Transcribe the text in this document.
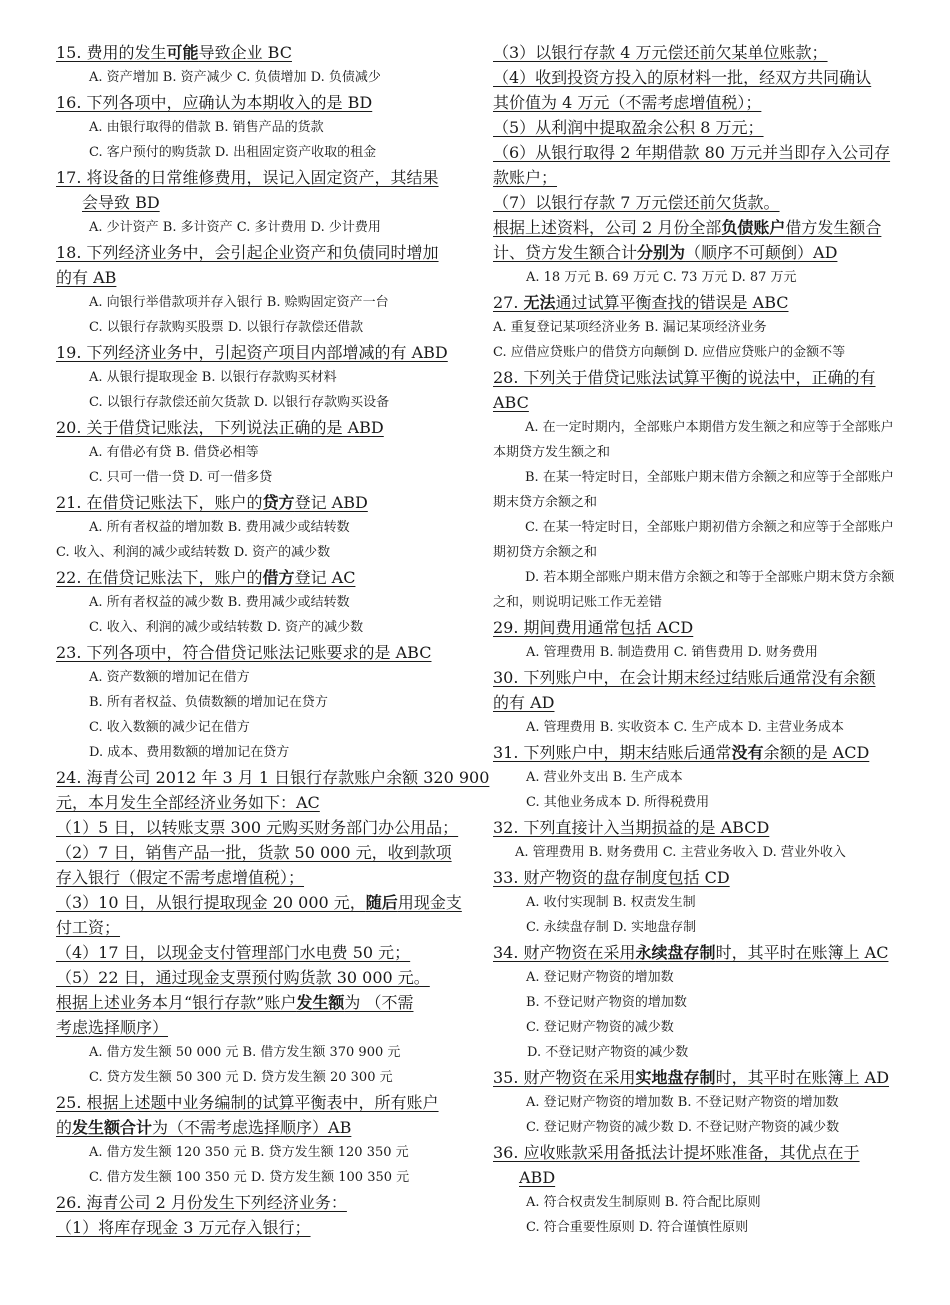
15. 费用的发生可能导致企业 BC
A. 资产增加 B. 资产减少 C. 负债增加 D. 负债减少
16. 下列各项中，应确认为本期收入的是 BD
A. 由银行取得的借款 B. 销售产品的货款
C. 客户预付的购货款 D. 出租固定资产收取的租金
17. 将设备的日常维修费用，误记入固定资产，其结果
会导致 BD
A. 少计资产 B. 多计资产 C. 多计费用 D. 少计费用
18. 下列经济业务中，会引起企业资产和负债同时增加
的有 AB
A. 向银行举借款项并存入银行 B. 赊购固定资产一台
C. 以银行存款购买股票 D. 以银行存款偿还借款
19. 下列经济业务中，引起资产项目内部增减的有 ABD
A. 从银行提取现金 B. 以银行存款购买材料
C. 以银行存款偿还前欠货款 D. 以银行存款购买设备
20. 关于借贷记账法，下列说法正确的是 ABD
A. 有借必有贷 B. 借贷必相等
C. 只可一借一贷 D. 可一借多贷
21. 在借贷记账法下，账户的贷方登记 ABD
A. 所有者权益的增加数 B. 费用减少或结转数
C. 收入、利润的减少或结转数 D. 资产的减少数
22. 在借贷记账法下，账户的借方登记 AC
A. 所有者权益的减少数 B. 费用减少或结转数
C. 收入、利润的减少或结转数 D. 资产的减少数
23. 下列各项中，符合借贷记账法记账要求的是 ABC
A. 资产数额的增加记在借方
B. 所有者权益、负债数额的增加记在贷方
C. 收入数额的减少记在借方
D. 成本、费用数额的增加记在贷方
24. 海青公司 2012 年 3 月 1 日银行存款账户余额 320 900
元，本月发生全部经济业务如下：AC
（1）5 日，以转账支票 300 元购买财务部门办公用品；
（2）7 日，销售产品一批，货款 50 000 元，收到款项
存入银行（假定不需考虑增值税）；
（3）10 日，从银行提取现金 20 000 元，随后用现金支
付工资；
（4）17 日，以现金支付管理部门水电费 50 元；
（5）22 日，通过现金支票预付购货款 30 000 元。
根据上述业务本月“银行存款”账户发生额为 （不需
考虑选择顺序）
A. 借方发生额 50 000 元 B. 借方发生额 370 900 元
C. 贷方发生额 50 300 元 D. 贷方发生额 20 300 元
25. 根据上述题中业务编制的试算平衡表中，所有账户
的发生额合计为（不需考虑选择顺序）AB
A. 借方发生额 120 350 元 B. 贷方发生额 120 350 元
C. 借方发生额 100 350 元 D. 贷方发生额 100 350 元
26. 海青公司 2 月份发生下列经济业务：
（1）将库存现金 3 万元存入银行；
（3）以银行存款 4 万元偿还前欠某单位账款；
（4）收到投资方投入的原材料一批，经双方共同确认
其价值为 4 万元（不需考虑增值税）；
（5）从利润中提取盈余公积 8 万元；
（6）从银行取得 2 年期借款 80 万元并当即存入公司存
款账户；
（7）以银行存款 7 万元偿还前欠货款。
根据上述资料，公司 2 月份全部负债账户借方发生额合
计、贷方发生额合计分别为（顺序不可颠倒）AD
A. 18 万元 B. 69 万元 C. 73 万元 D. 87 万元
27. 无法通过试算平衡查找的错误是 ABC
A. 重复登记某项经济业务 B. 漏记某项经济业务
C. 应借应贷账户的借贷方向颠倒 D. 应借应贷账户的金额不等
28. 下列关于借贷记账法试算平衡的说法中，正确的有
ABC
A. 在一定时期内，全部账户本期借方发生额之和应等于全部账户本期贷方发生额之和
B. 在某一特定时日，全部账户期末借方余额之和应等于全部账户期末贷方余额之和
C. 在某一特定时日，全部账户期初借方余额之和应等于全部账户期初贷方余额之和
D. 若本期全部账户期末借方余额之和等于全部账户期末贷方余额之和，则说明记账工作无差错
29. 期间费用通常包括 ACD
A. 管理费用 B. 制造费用 C. 销售费用 D. 财务费用
30. 下列账户中，在会计期末经过结账后通常没有余额
的有 AD
A. 管理费用 B. 实收资本 C. 生产成本 D. 主营业务成本
31. 下列账户中，期末结账后通常没有余额的是 ACD
A. 营业外支出 B. 生产成本
C. 其他业务成本 D. 所得税费用
32. 下列直接计入当期损益的是 ABCD
A. 管理费用 B. 财务费用 C. 主营业务收入 D. 营业外收入
33. 财产物资的盘存制度包括 CD
A. 收付实现制 B. 权责发生制
C. 永续盘存制 D. 实地盘存制
34. 财产物资在采用永续盘存制时，其平时在账簿上 AC
A. 登记财产物资的增加数
B. 不登记财产物资的增加数
C. 登记财产物资的减少数
D. 不登记财产物资的减少数
35. 财产物资在采用实地盘存制时，其平时在账簿上 AD
A. 登记财产物资的增加数 B. 不登记财产物资的增加数
C. 登记财产物资的减少数 D. 不登记财产物资的减少数
36. 应收账款采用备抵法计提坏账准备，其优点在于
ABD
A. 符合权责发生制原则 B. 符合配比原则
C. 符合重要性原则 D. 符合谨慎性原则
